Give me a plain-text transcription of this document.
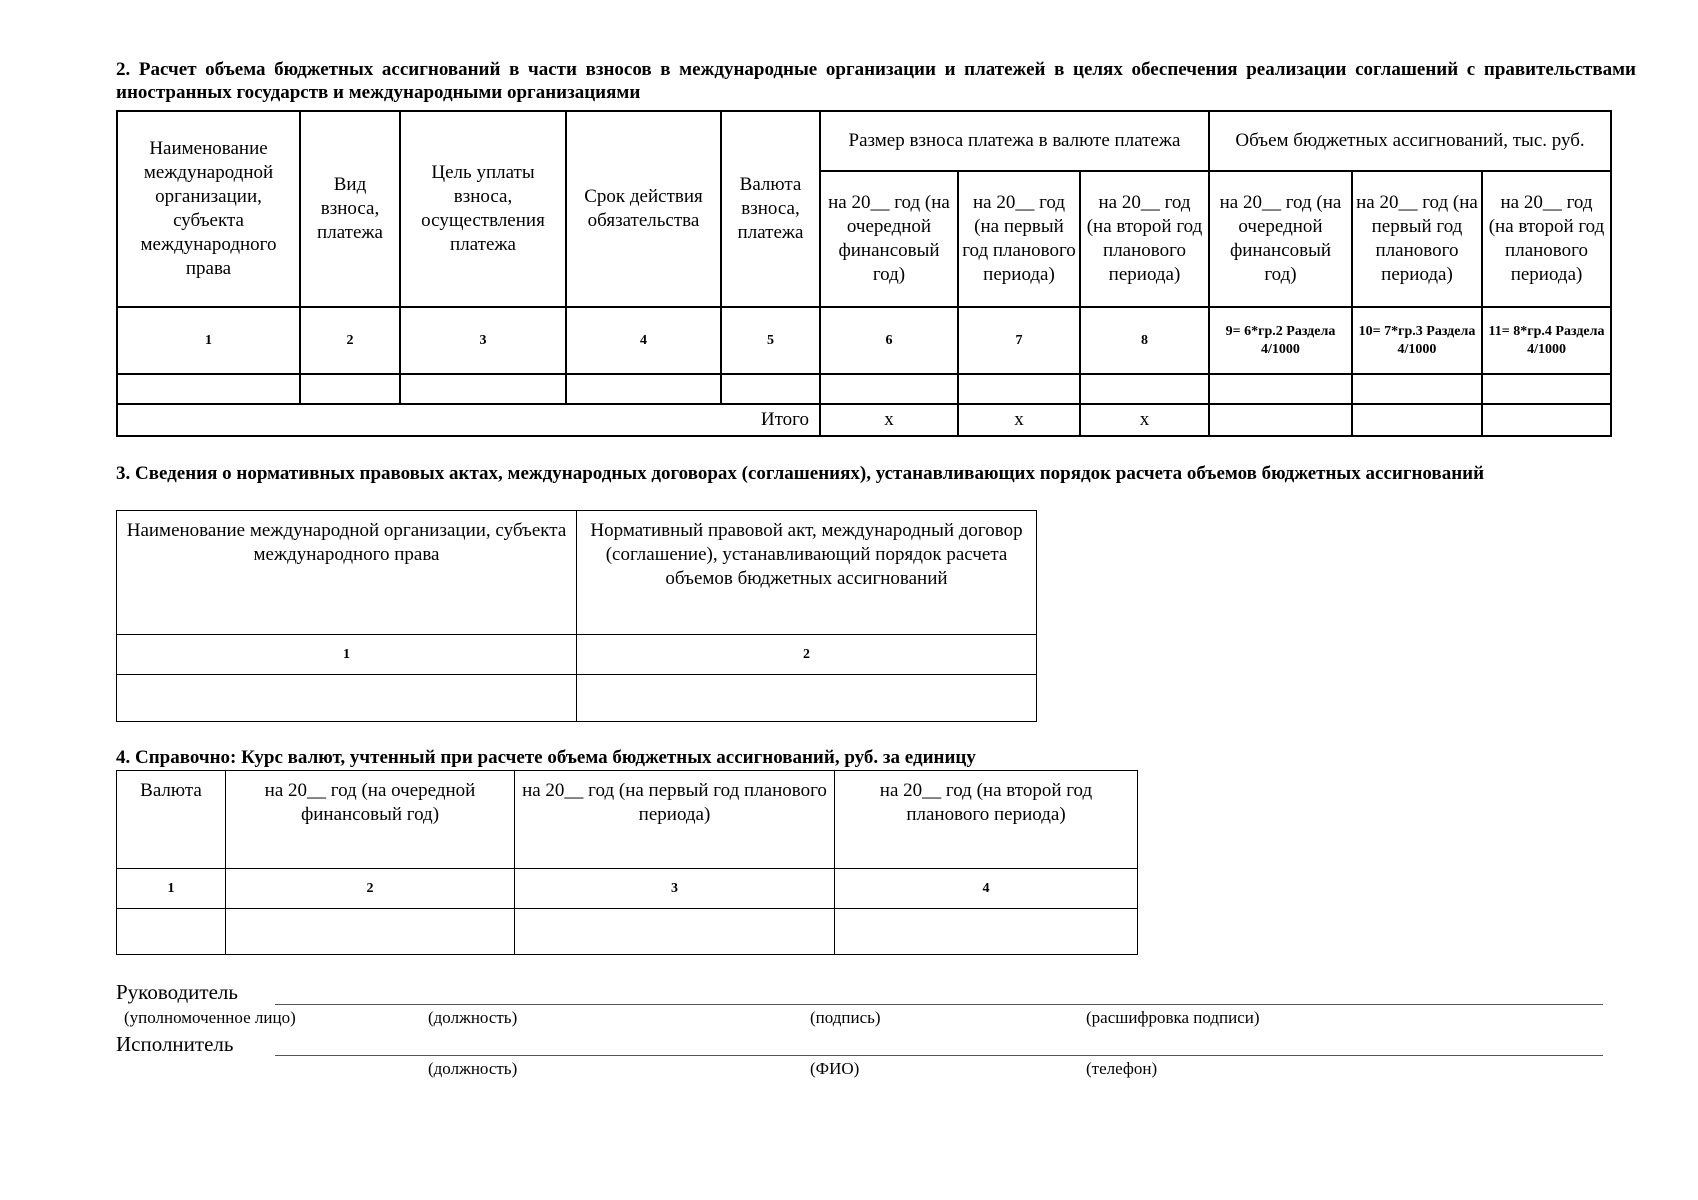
2. Расчет объема бюджетных ассигнований в части взносов в международные организации и платежей в целях обеспечения реализации соглашений с правительствами иностранных государств и международными организациями
Наименование международной организации, субъекта международного права	Вид взноса, платежа	Цель уплаты взноса, осуществления платежа	Срок действия обязательства	Валюта взноса, платежа	Размер взноса платежа в валюте платежа			Объем бюджетных ассигнований, тыс. руб.		
					на 20__ год (на очередной финансовый год)	на 20__ год (на первый год планового периода)	на 20__ год (на второй год планового периода)	на 20__ год (на очередной финансовый год)	на 20__ год (на первый год планового периода)	на 20__ год (на второй год планового периода)
1	2	3	4	5	6	7	8	9= 6*гр.2 Раздела 4/1000	10= 7*гр.3 Раздела 4/1000	11= 8*гр.4 Раздела 4/1000

Итого					x	x	x			
3. Сведения о нормативных правовых актах, международных договорах (соглашениях), устанавливающих порядок расчета объемов бюджетных ассигнований
Наименование международной организации, субъекта международного права	Нормативный правовой акт, международный договор (соглашение), устанавливающий порядок расчета объемов бюджетных ассигнований
1	2

4. Справочно: Курс валют, учтенный при расчете объема бюджетных ассигнований, руб. за единицу
Валюта	на 20__ год (на очередной финансовый год)	на 20__ год (на первый год планового периода)	на 20__ год (на второй год планового периода)
1	2	3	4

Руководитель
(уполномоченное лицо)	(должность)	(подпись)	(расшифровка подписи)
Исполнитель
(должность)	(ФИО)	(телефон)
